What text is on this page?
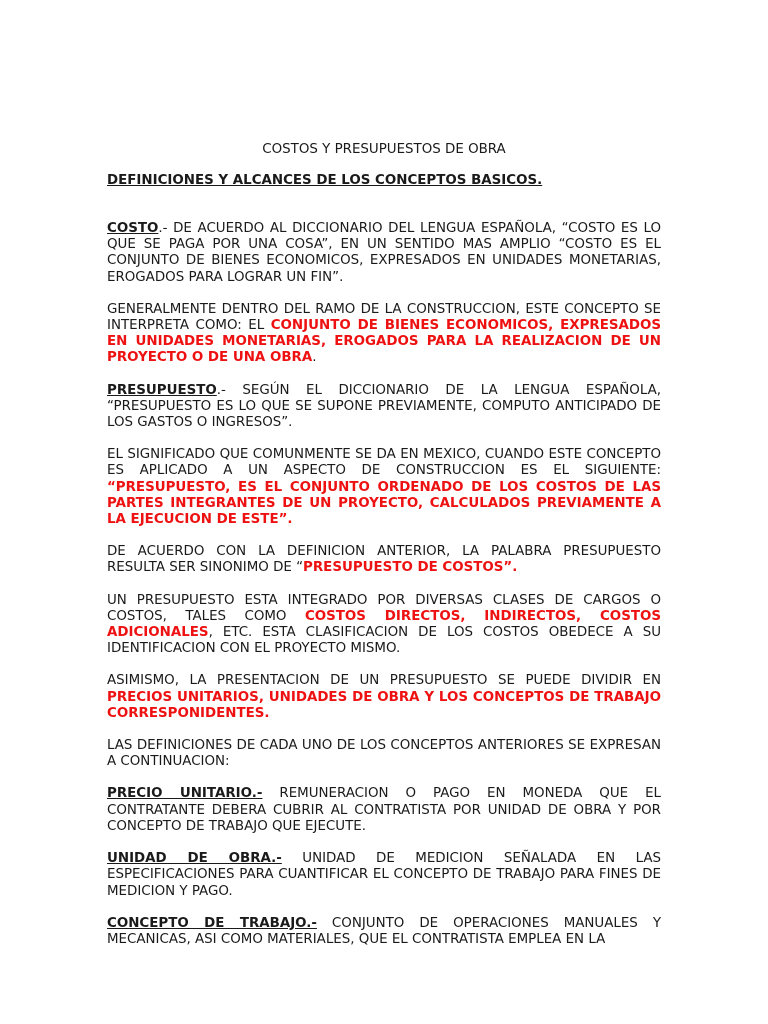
COSTOS Y PRESUPUESTOS DE OBRA
DEFINICIONES Y ALCANCES DE LOS CONCEPTOS BASICOS.

COSTO.- DE ACUERDO AL DICCIONARIO DEL LENGUA ESPAÑOLA, “COSTO ES LO QUE SE PAGA POR UNA COSA”, EN UN SENTIDO MAS AMPLIO “COSTO ES EL CONJUNTO DE BIENES ECONOMICOS, EXPRESADOS EN UNIDADES MONETARIAS, EROGADOS PARA LOGRAR UN FIN”.

GENERALMENTE DENTRO DEL RAMO DE LA CONSTRUCCION, ESTE CONCEPTO SE INTERPRETA COMO: EL CONJUNTO DE BIENES ECONOMICOS, EXPRESADOS EN UNIDADES MONETARIAS, EROGADOS PARA LA REALIZACION DE UN PROYECTO O DE UNA OBRA.

PRESUPUESTO.- SEGÚN EL DICCIONARIO DE LA LENGUA ESPAÑOLA, “PRESUPUESTO ES LO QUE SE SUPONE PREVIAMENTE, COMPUTO ANTICIPADO DE LOS GASTOS O INGRESOS”.

EL SIGNIFICADO QUE COMUNMENTE SE DA EN MEXICO, CUANDO ESTE CONCEPTO ES APLICADO A UN ASPECTO DE CONSTRUCCION ES EL SIGUIENTE: “PRESUPUESTO, ES EL CONJUNTO ORDENADO DE LOS COSTOS DE LAS PARTES INTEGRANTES DE UN PROYECTO, CALCULADOS PREVIAMENTE A LA EJECUCION DE ESTE”.

DE ACUERDO CON LA DEFINICION ANTERIOR, LA PALABRA PRESUPUESTO RESULTA SER SINONIMO DE “PRESUPUESTO DE COSTOS”.

UN PRESUPUESTO ESTA INTEGRADO POR DIVERSAS CLASES DE CARGOS O COSTOS, TALES COMO COSTOS DIRECTOS, INDIRECTOS, COSTOS ADICIONALES, ETC. ESTA CLASIFICACION DE LOS COSTOS OBEDECE A SU IDENTIFICACION CON EL PROYECTO MISMO.

ASIMISMO, LA PRESENTACION DE UN PRESUPUESTO SE PUEDE DIVIDIR EN PRECIOS UNITARIOS, UNIDADES DE OBRA Y LOS CONCEPTOS DE TRABAJO CORRESPONIDENTES.

LAS DEFINICIONES DE CADA UNO DE LOS CONCEPTOS ANTERIORES SE EXPRESAN A CONTINUACION:

PRECIO UNITARIO.- REMUNERACION O PAGO EN MONEDA QUE EL CONTRATANTE DEBERA CUBRIR AL CONTRATISTA POR UNIDAD DE OBRA Y POR CONCEPTO DE TRABAJO QUE EJECUTE.

UNIDAD DE OBRA.- UNIDAD DE MEDICION SEÑALADA EN LAS ESPECIFICACIONES PARA CUANTIFICAR EL CONCEPTO DE TRABAJO PARA FINES DE MEDICION Y PAGO.

CONCEPTO DE TRABAJO.- CONJUNTO DE OPERACIONES MANUALES Y MECANICAS, ASI COMO MATERIALES, QUE EL CONTRATISTA EMPLEA EN LA
